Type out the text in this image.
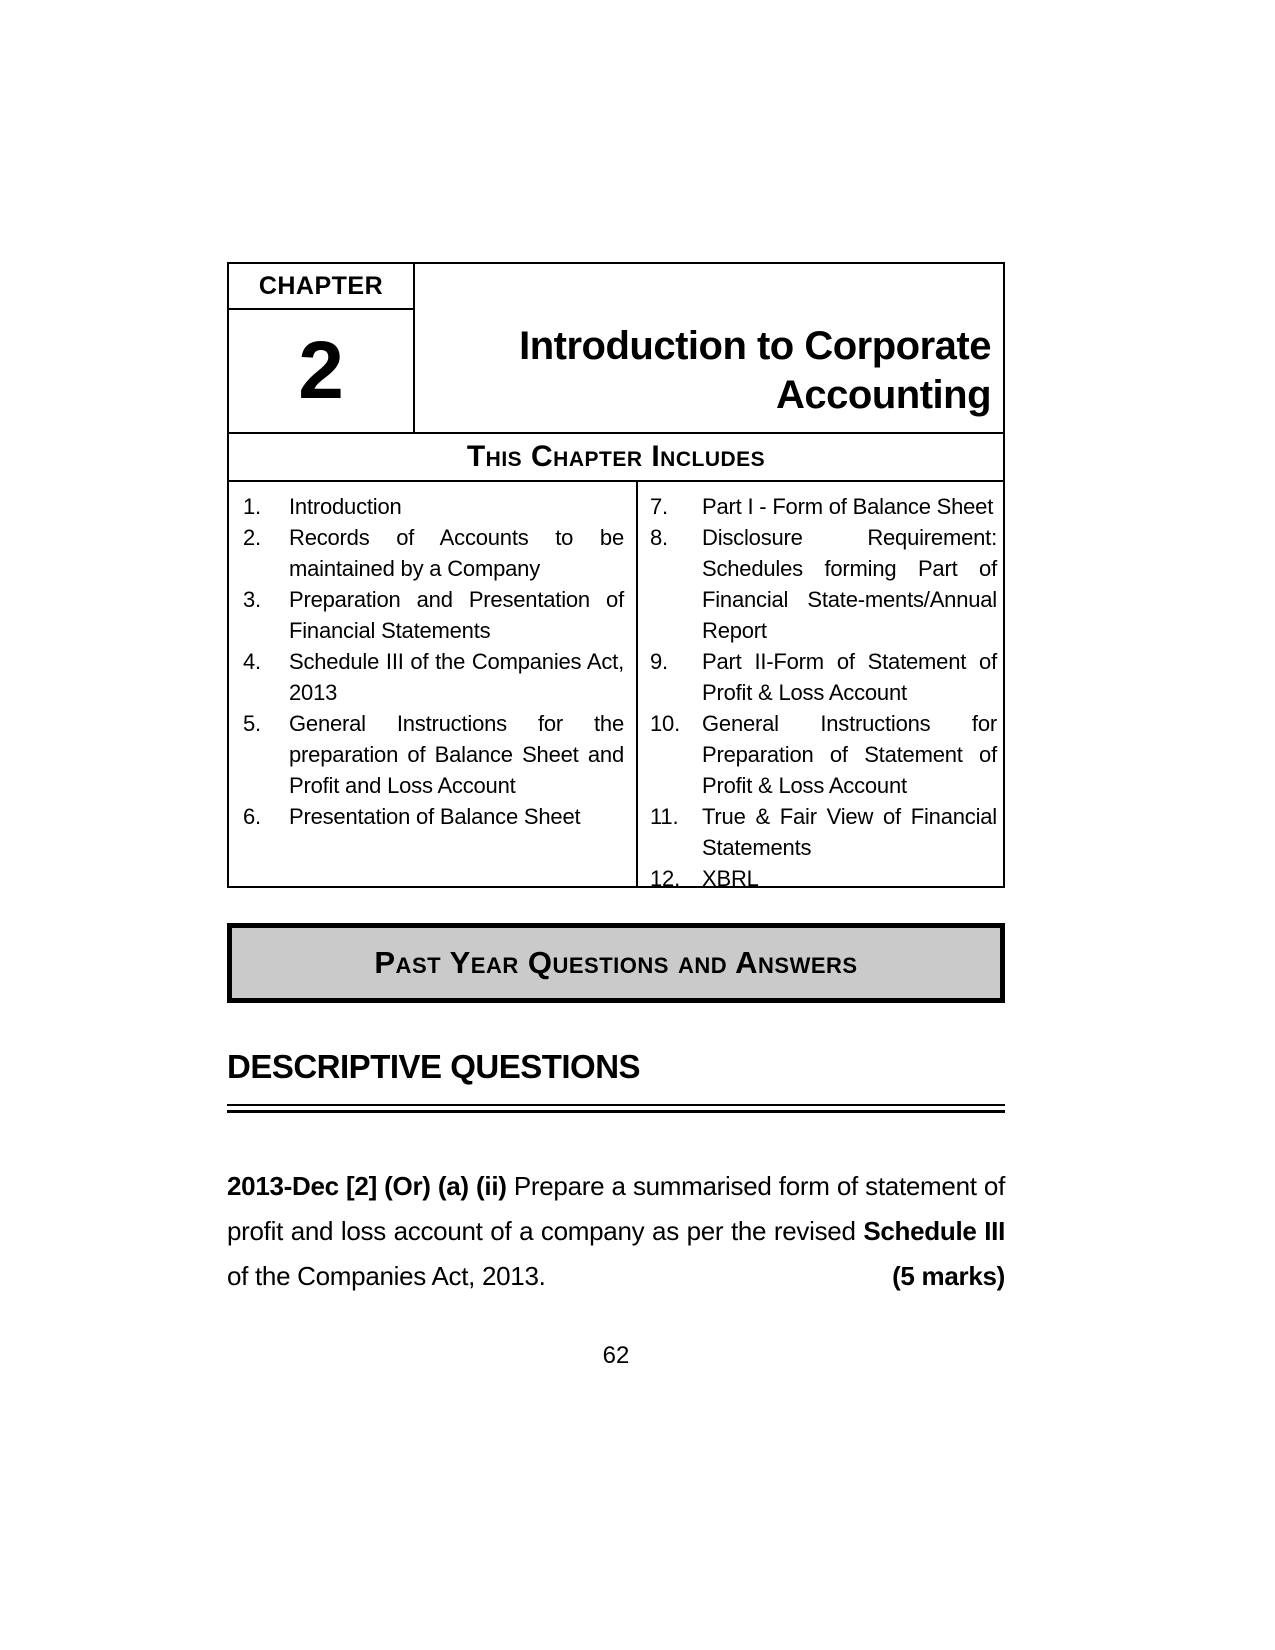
CHAPTER
2	Introduction to Corporate
Accounting
This Chapter Includes
1.	Introduction
2.	Records of Accounts to be maintained by a Company
3.	Preparation and Presentation of Financial Statements
4.	Schedule III of the Companies Act, 2013
5.	General Instructions for the preparation of Balance Sheet and Profit and Loss Account
6.	Presentation of Balance Sheet
7.	Part I - Form of Balance Sheet
8.	Disclosure Requirement: Schedules forming Part of Financial State-ments/Annual Report
9.	Part II-Form of Statement of Profit & Loss Account
10.	General Instructions for Preparation of Statement of Profit & Loss Account
11.	True & Fair View of Financial Statements
12.	XBRL
Past Year Questions and Answers
DESCRIPTIVE QUESTIONS

2013-Dec [2] (Or) (a) (ii) Prepare a summarised form of statement of profit and loss account of a company as per the revised Schedule III of the Companies Act, 2013.	(5 marks)

62
